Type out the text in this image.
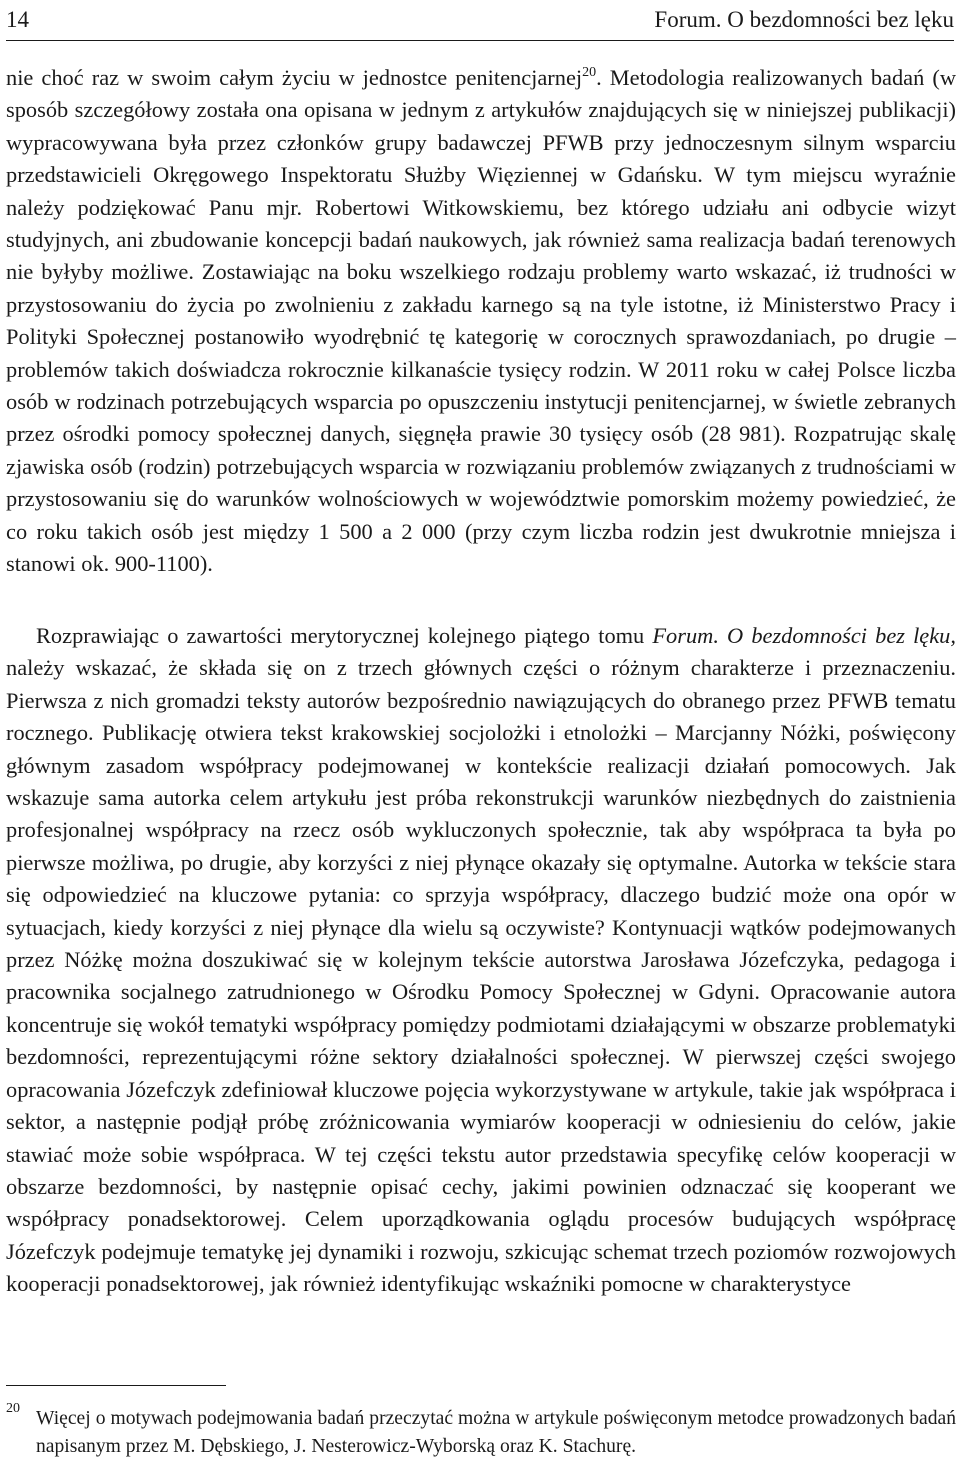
14	Forum. O bezdomności bez lęku

nie choć raz w swoim całym życiu w jednostce penitencjarnej$^{20}$. Metodologia realizowanych badań (w sposób szczegółowy została ona opisana w jednym z artykułów znajdujących się w niniejszej publikacji) wypracowywana była przez członków grupy badawczej PFWB przy jednoczesnym silnym wsparciu przedstawicieli Okręgowego Inspektoratu Służby Więziennej w Gdańsku. W tym miejscu wyraźnie należy podziękować Panu mjr. Robertowi Witkowskiemu, bez którego udziału ani odbycie wizyt studyjnych, ani zbudowanie koncepcji badań naukowych, jak również sama realizacja badań terenowych nie byłyby możliwe. Zostawiając na boku wszelkiego rodzaju problemy warto wskazać, iż trudności w przystosowaniu do życia po zwolnieniu z zakładu karnego są na tyle istotne, iż Ministerstwo Pracy i Polityki Społecznej postanowiło wyodrębnić tę kategorię w corocznych sprawozdaniach, po drugie – problemów takich doświadcza rokrocznie kilkanaście tysięcy rodzin. W 2011 roku w całej Polsce liczba osób w rodzinach potrzebujących wsparcia po opuszczeniu instytucji penitencjarnej, w świetle zebranych przez ośrodki pomocy społecznej danych, sięgnęła prawie 30 tysięcy osób (28 981). Rozpatrując skalę zjawiska osób (rodzin) potrzebujących wsparcia w rozwiązaniu problemów związanych z trudnościami w przystosowaniu się do warunków wolnościowych w województwie pomorskim możemy powiedzieć, że co roku takich osób jest między 1 500 a 2 000 (przy czym liczba rodzin jest dwukrotnie mniejsza i stanowi ok. 900-1100).

Rozprawiając o zawartości merytorycznej kolejnego piątego tomu Forum. O bezdomności bez lęku, należy wskazać, że składa się on z trzech głównych części o różnym charakterze i przeznaczeniu. Pierwsza z nich gromadzi teksty autorów bezpośrednio nawiązujących do obranego przez PFWB tematu rocznego. Publikację otwiera tekst krakowskiej socjolożki i etnolożki – Marcjanny Nóżki, poświęcony głównym zasadom współpracy podejmowanej w kontekście realizacji działań pomocowych. Jak wskazuje sama autorka celem artykułu jest próba rekonstrukcji warunków niezbędnych do zaistnienia profesjonalnej współpracy na rzecz osób wykluczonych społecznie, tak aby współpraca ta była po pierwsze możliwa, po drugie, aby korzyści z niej płynące okazały się optymalne. Autorka w tekście stara się odpowiedzieć na kluczowe pytania: co sprzyja współpracy, dlaczego budzić może ona opór w sytuacjach, kiedy korzyści z niej płynące dla wielu są oczywiste? Kontynuacji wątków podejmowanych przez Nóżkę można doszukiwać się w kolejnym tekście autorstwa Jarosława Józefczyka, pedagoga i pracownika socjalnego zatrudnionego w Ośrodku Pomocy Społecznej w Gdyni. Opracowanie autora koncentruje się wokół tematyki współpracy pomiędzy podmiotami działającymi w obszarze problematyki bezdomności, reprezentującymi różne sektory działalności społecznej. W pierwszej części swojego opracowania Józefczyk zdefiniował kluczowe pojęcia wykorzystywane w artykule, takie jak współpraca i sektor, a następnie podjął próbę zróżnicowania wymiarów kooperacji w odniesieniu do celów, jakie stawiać może sobie współpraca. W tej części tekstu autor przedstawia specyfikę celów kooperacji w obszarze bezdomności, by następnie opisać cechy, jakimi powinien odznaczać się kooperant we współpracy ponadsektorowej. Celem uporządkowania oglądu procesów budujących współpracę Józefczyk podejmuje tematykę jej dynamiki i rozwoju, szkicując schemat trzech poziomów rozwojowych kooperacji ponadsektorowej, jak również identyfikując wskaźniki pomocne w charakterystyce

20 Więcej o motywach podejmowania badań przeczytać można w artykule poświęconym metodce prowadzonych badań napisanym przez M. Dębskiego, J. Nesterowicz-Wyborską oraz K. Stachurę.
